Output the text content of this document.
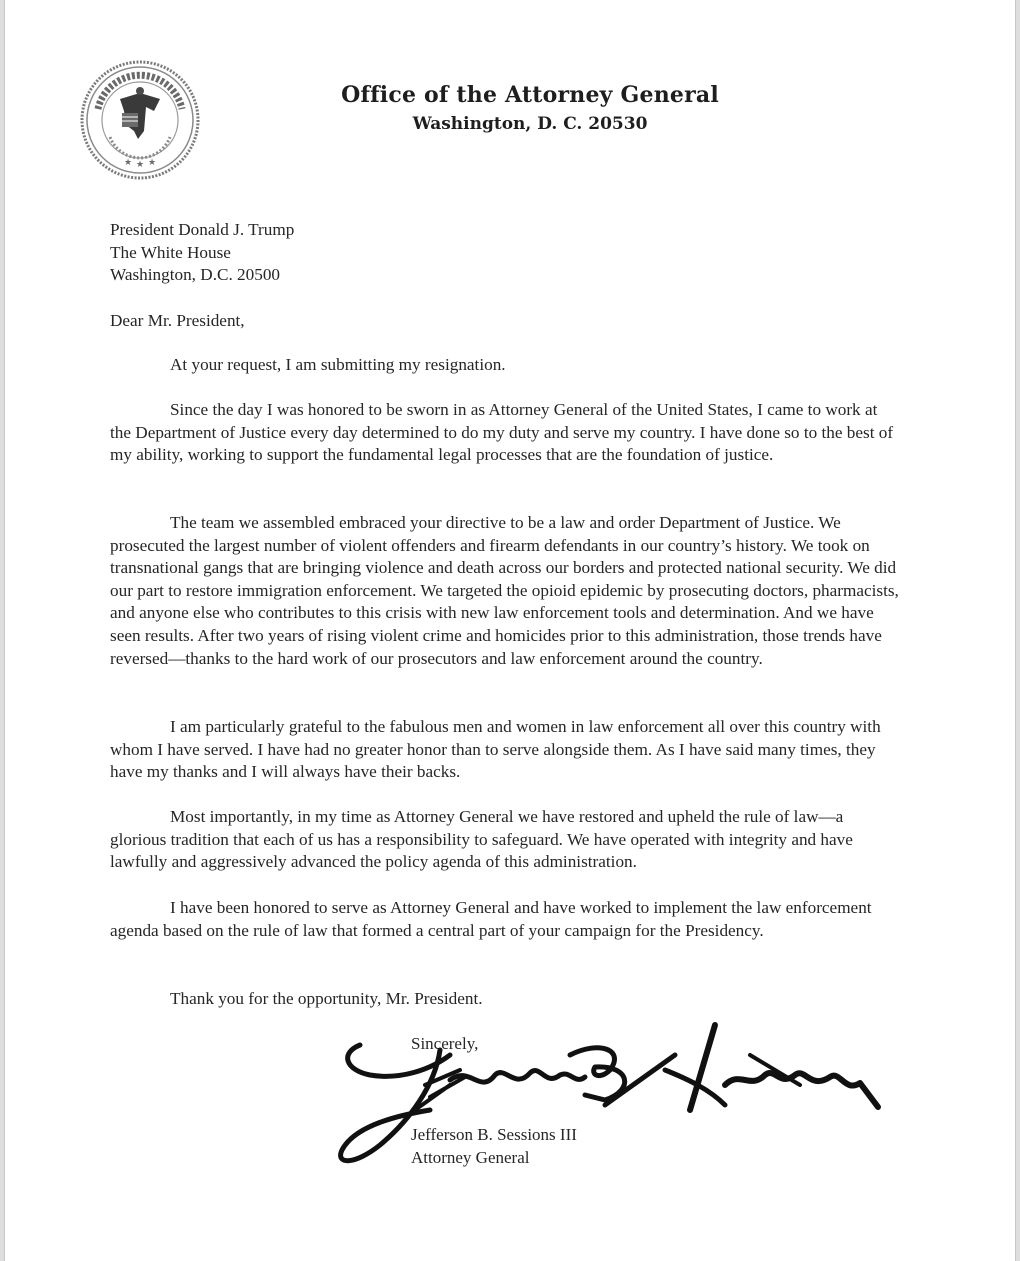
★ ★ ★
Office of the Attorney General
Washington, D. C. 20530
President Donald J. Trump
The White House
Washington, D.C. 20500
Dear Mr. President,
At your request, I am submitting my resignation.
Since the day I was honored to be sworn in as Attorney General of the United States, I came to work at the Department of Justice every day determined to do my duty and serve my country. I have done so to the best of my ability, working to support the fundamental legal processes that are the foundation of justice.
The team we assembled embraced your directive to be a law and order Department of Justice. We prosecuted the largest number of violent offenders and firearm defendants in our country’s history. We took on transnational gangs that are bringing violence and death across our borders and protected national security. We did our part to restore immigration enforcement. We targeted the opioid epidemic by prosecuting doctors, pharmacists, and anyone else who contributes to this crisis with new law enforcement tools and determination. And we have seen results. After two years of rising violent crime and homicides prior to this administration, those trends have reversed—thanks to the hard work of our prosecutors and law enforcement around the country.
I am particularly grateful to the fabulous men and women in law enforcement all over this country with whom I have served. I have had no greater honor than to serve alongside them. As I have said many times, they have my thanks and I will always have their backs.
Most importantly, in my time as Attorney General we have restored and upheld the rule of law—a glorious tradition that each of us has a responsibility to safeguard. We have operated with integrity and have lawfully and aggressively advanced the policy agenda of this administration.
I have been honored to serve as Attorney General and have worked to implement the law enforcement agenda based on the rule of law that formed a central part of your campaign for the Presidency.
Thank you for the opportunity, Mr. President.
Sincerely,
Jefferson B. Sessions III
Attorney General
